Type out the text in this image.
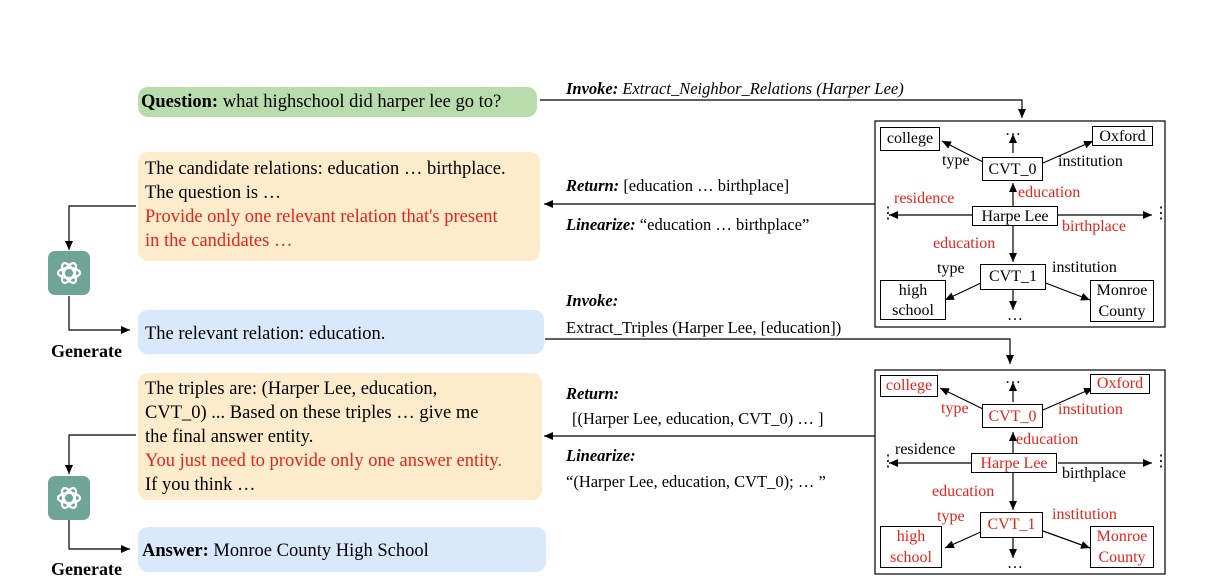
Question: what highschool did harper lee go to?
The candidate relations: education … birthplace.
The question is …
Provide only one relevant relation that's present
in the candidates …
Generate
The relevant relation: education.
The triples are: (Harper Lee, education,
CVT_0) ... Based on these triples … give me
the final answer entity.
You just need to provide only one answer entity.
If you think …
Generate
Answer: Monroe County High School
Invoke: Extract_Neighbor_Relations (Harper Lee)
Return: [education … birthplace]
Linearize: “education … birthplace”
Invoke:
Extract_Triples (Harper Lee, [education])
Return:
[(Harper Lee, education, CVT_0) … ]
Linearize:
“(Harper Lee, education, CVT_0); … ”
college	Oxford
CVT_0
Harpe Lee
CVT_1
high
school
Monroe
County
type	institution
residence	education
birthplace
education
type	institution
…
…
⋮	⋮
college	Oxford
CVT_0
Harpe Lee
CVT_1
high
school
Monroe
County
type	institution
residence
education
birthplace
education
type	institution
…
…
⋮	⋮
